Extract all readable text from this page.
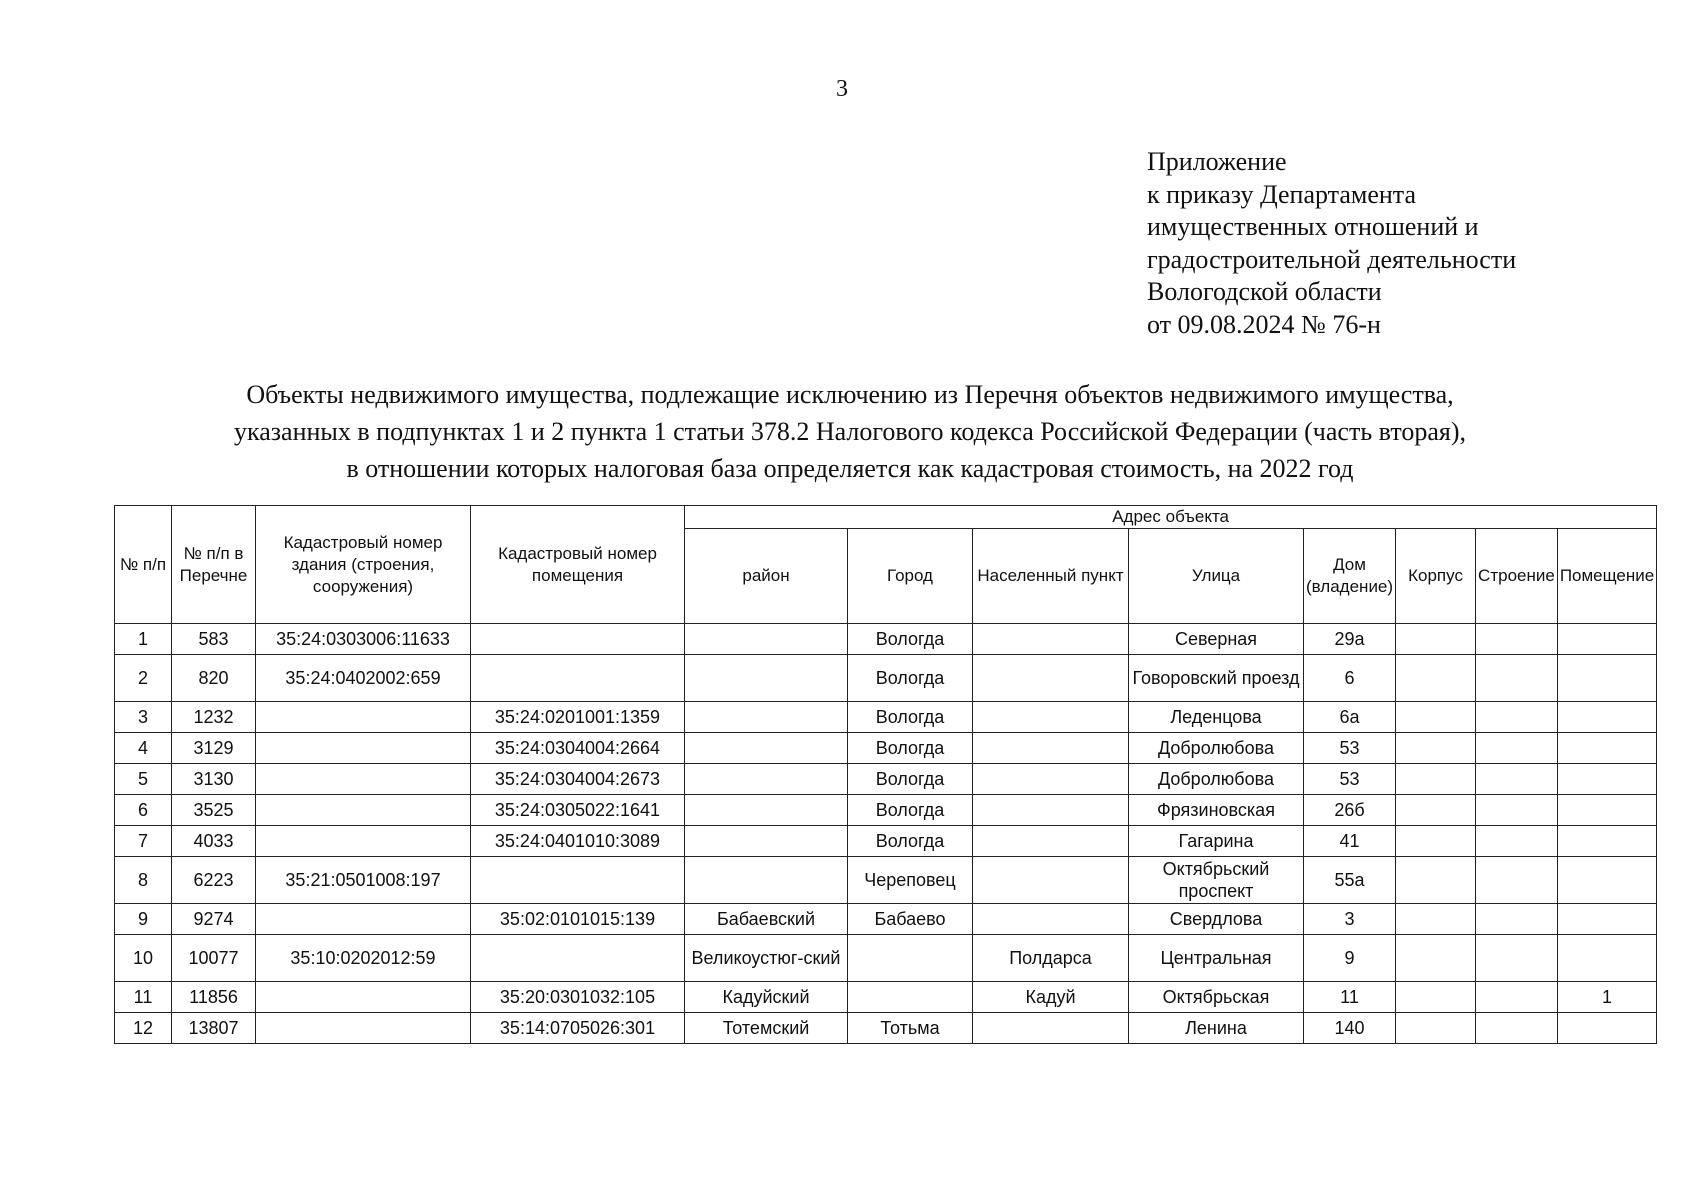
3
Приложение
к приказу Департамента
имущественных отношений и
градостроительной деятельности
Вологодской области
от 09.08.2024 № 76-н
Объекты недвижимого имущества, подлежащие исключению из Перечня объектов недвижимого имущества,
указанных в подпунктах 1 и 2 пункта 1 статьи 378.2 Налогового кодекса Российской Федерации (часть вторая),
в отношении которых налоговая база определяется как кадастровая стоимость, на 2022 год
№ п/п	№ п/п в Перечне	Кадастровый номер здания (строения, сооружения)	Кадастровый номер помещения	Адрес объекта							
				район	Город	Населенный пункт	Улица	Дом (владение)	Корпус	Строение	Помещение
1	583	35:24:0303006:11633			Вологда		Северная	29а			
2	820	35:24:0402002:659			Вологда		Говоровский проезд	6			
3	1232		35:24:0201001:1359		Вологда		Леденцова	6а			
4	3129		35:24:0304004:2664		Вологда		Добролюбова	53			
5	3130		35:24:0304004:2673		Вологда		Добролюбова	53			
6	3525		35:24:0305022:1641		Вологда		Фрязиновская	26б			
7	4033		35:24:0401010:3089		Вологда		Гагарина	41			
8	6223	35:21:0501008:197			Череповец		Октябрьский проспект	55а			
9	9274		35:02:0101015:139	Бабаевский	Бабаево		Свердлова	3			
10	10077	35:10:0202012:59		Великоустюг-ский		Полдарса	Центральная	9			
11	11856		35:20:0301032:105	Кадуйский		Кадуй	Октябрьская	11			1
12	13807		35:14:0705026:301	Тотемский	Тотьма		Ленина	140			
